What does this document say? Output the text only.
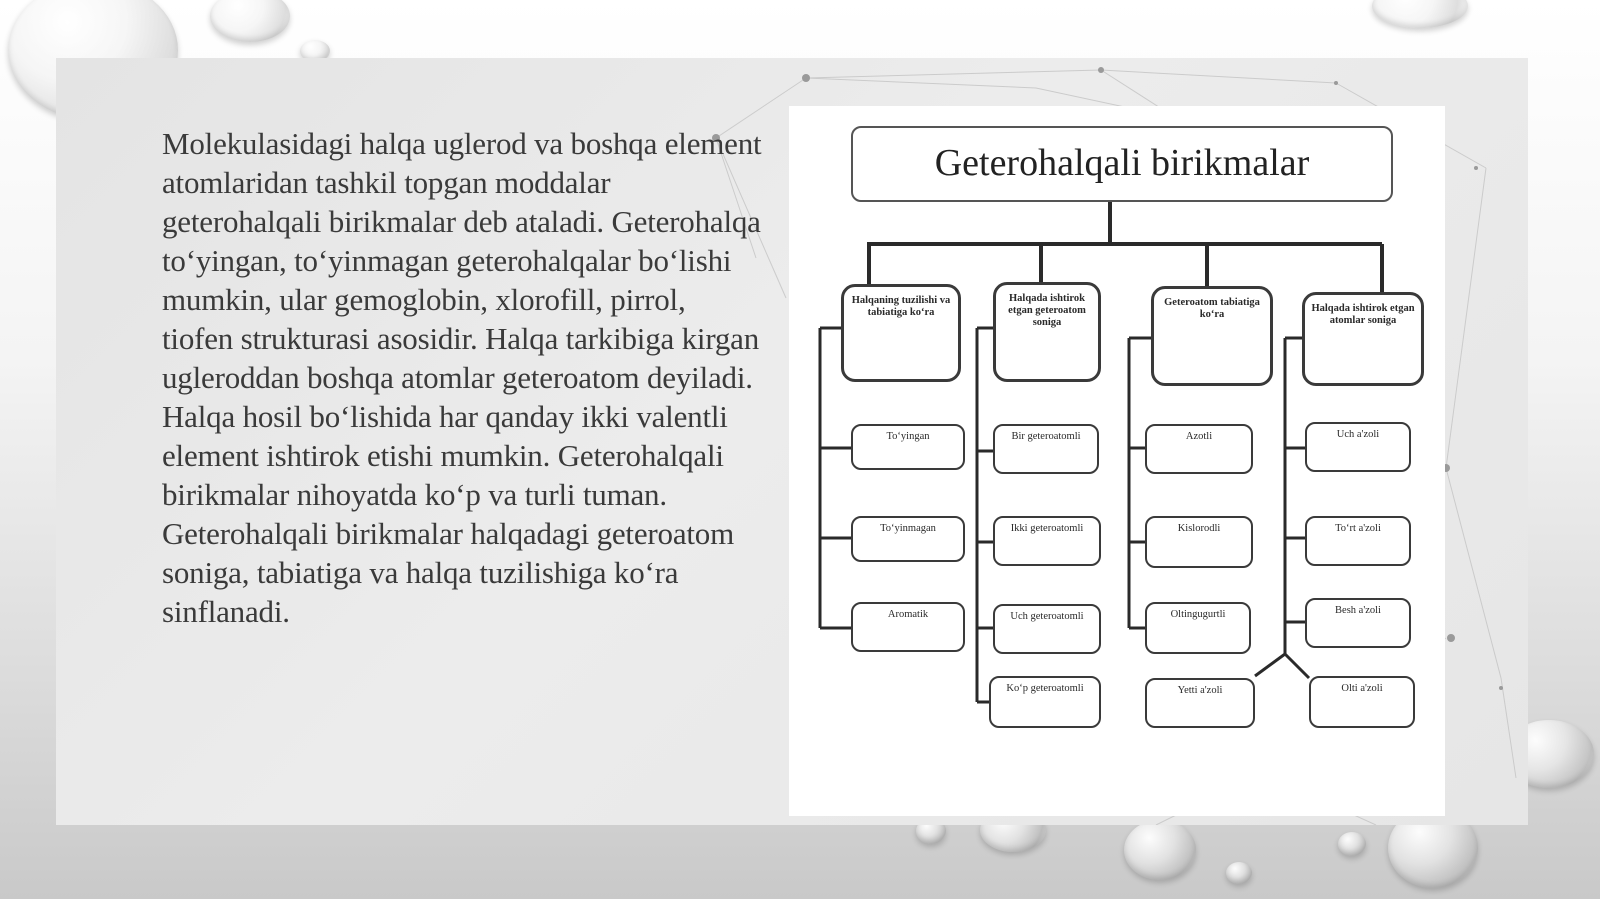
Molekulasidagi halqa uglerod va boshqa element atomlaridan tashkil topgan moddalar geterohalqali birikmalar deb ataladi. Geterohalqa toʻyingan, toʻyinmagan geterohalqalar boʻlishi mumkin, ular gemoglobin, xlorofill, pirrol, tiofen strukturasi asosidir. Halqa tarkibiga kirgan ugleroddan boshqa atomlar geteroatom deyiladi. Halqa hosil boʻlishida har qanday ikki valentli element ishtirok etishi mumkin. Geterohalqali birikmalar nihoyatda koʻp va turli tuman. Geterohalqali birikmalar halqadagi geteroatom soniga, tabiatiga va halqa tuzilishiga koʻra sinflanadi.

Geterohalqali birikmalar
Halqaning tuzilishi va tabiatiga koʻra
Halqada ishtirok etgan geteroatom soniga
Geteroatom tabiatiga koʻra
Halqada ishtirok etgan atomlar soniga
Toʻyingan
Toʻyinmagan
Aromatik
Bir geteroatomli
Ikki geteroatomli
Uch geteroatomli
Koʻp geteroatomli
Azotli
Kislorodli
Oltingugurtli
Yetti a'zoli
Uch a'zoli
Toʻrt a'zoli
Besh a'zoli
Olti a'zoli
